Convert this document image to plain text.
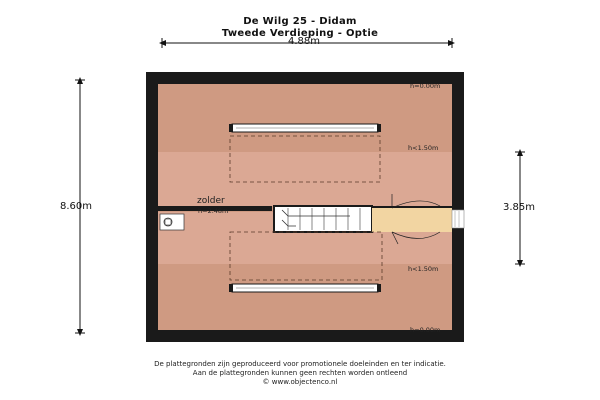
De Wilg 25 - Didam
Tweede Verdieping - Optie
4.88m
8.60m	3.85m
zolder
h=2.48m
h=0.00m
h<1.50m
h<1.50m
h=0.00m
De plattegronden zijn geproduceerd voor promotionele doeleinden en ter indicatie.
Aan de plattegronden kunnen geen rechten worden ontleend
© www.objectenco.nl
